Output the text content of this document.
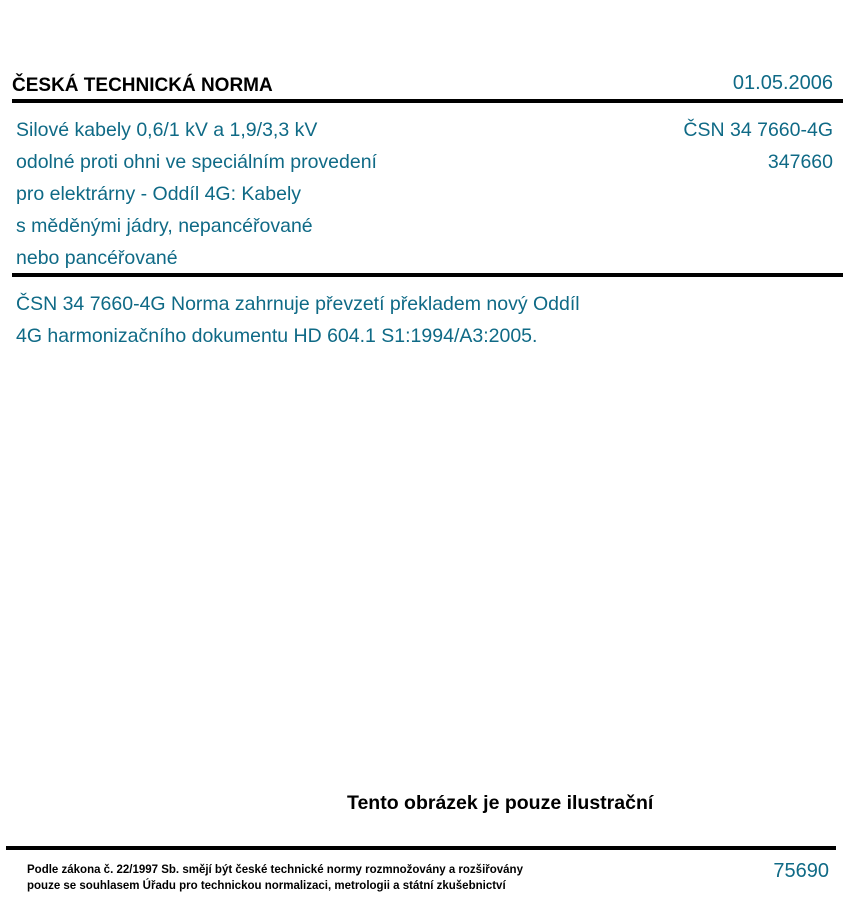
ČESKÁ TECHNICKÁ NORMA	01.05.2006
Silové kabely 0,6/1 kV a 1,9/3,3 kV
odolné proti ohni ve speciálním provedení
pro elektrárny - Oddíl 4G: Kabely
s měděnými jádry, nepancéřované
nebo pancéřované
ČSN 34 7660-4G
347660
ČSN 34 7660-4G Norma zahrnuje převzetí překladem nový Oddíl
4G harmonizačního dokumentu HD 604.1 S1:1994/A3:2005.
Tento obrázek je pouze ilustrační
Podle zákona č. 22/1997 Sb. smějí být české technické normy rozmnožovány a rozšiřovány
pouze se souhlasem Úřadu pro technickou normalizaci, metrologii a státní zkušebnictví
75690
